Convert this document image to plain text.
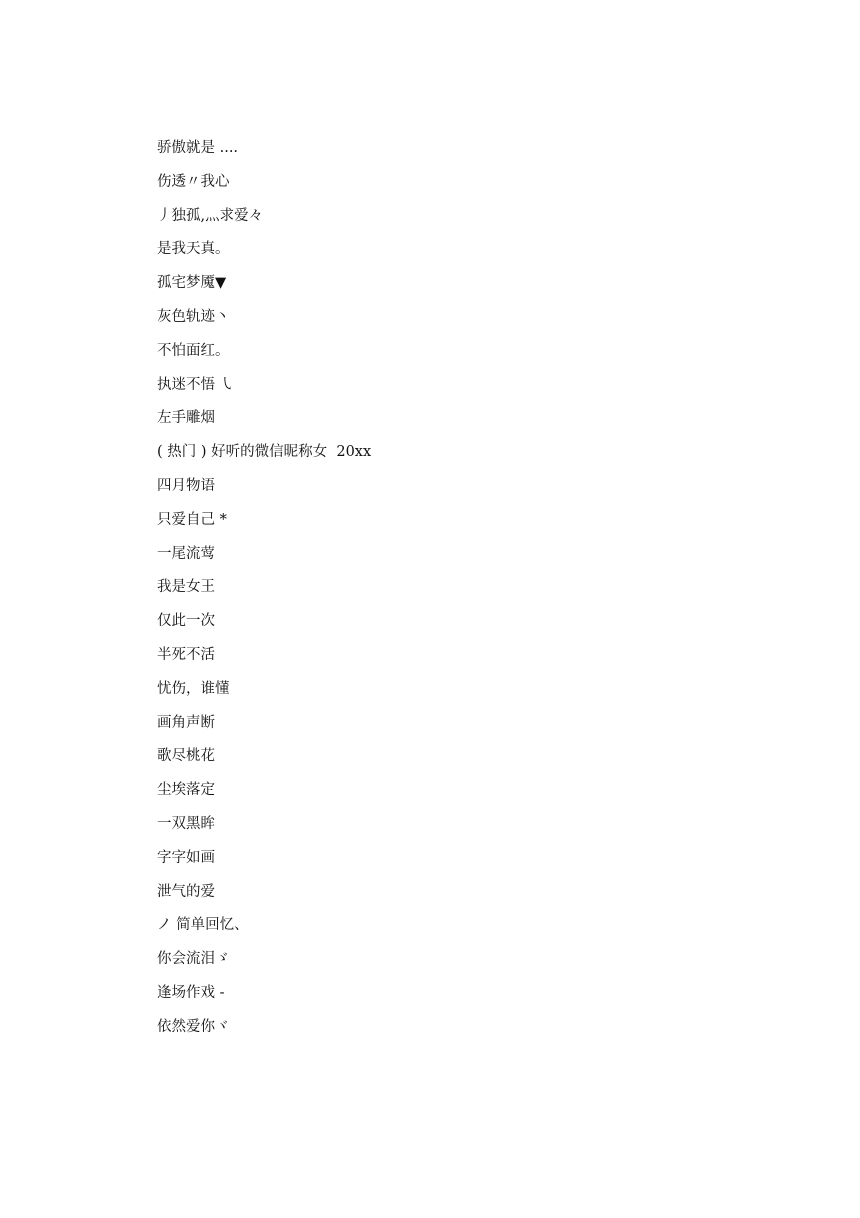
骄傲就是 ....
伤透〃我心
丿独孤,灬求爱々
是我天真。
孤宅梦魇▼
灰色轨迹丶
不怕面红。
执迷不悟 ㇂
左手雕烟
( 热门 ) 好听的微信昵称女  20xx
四月物语
只爱自己 *
一尾流莺
我是女王
仅此一次
半死不活
忧伤，谁懂
画角声断
歌尽桃花
尘埃落定
一双黑眸
字字如画
泄气的爱
ノ 简单回忆、
你会流泪ゞ
逢场作戏 -
依然爱你ヾ
